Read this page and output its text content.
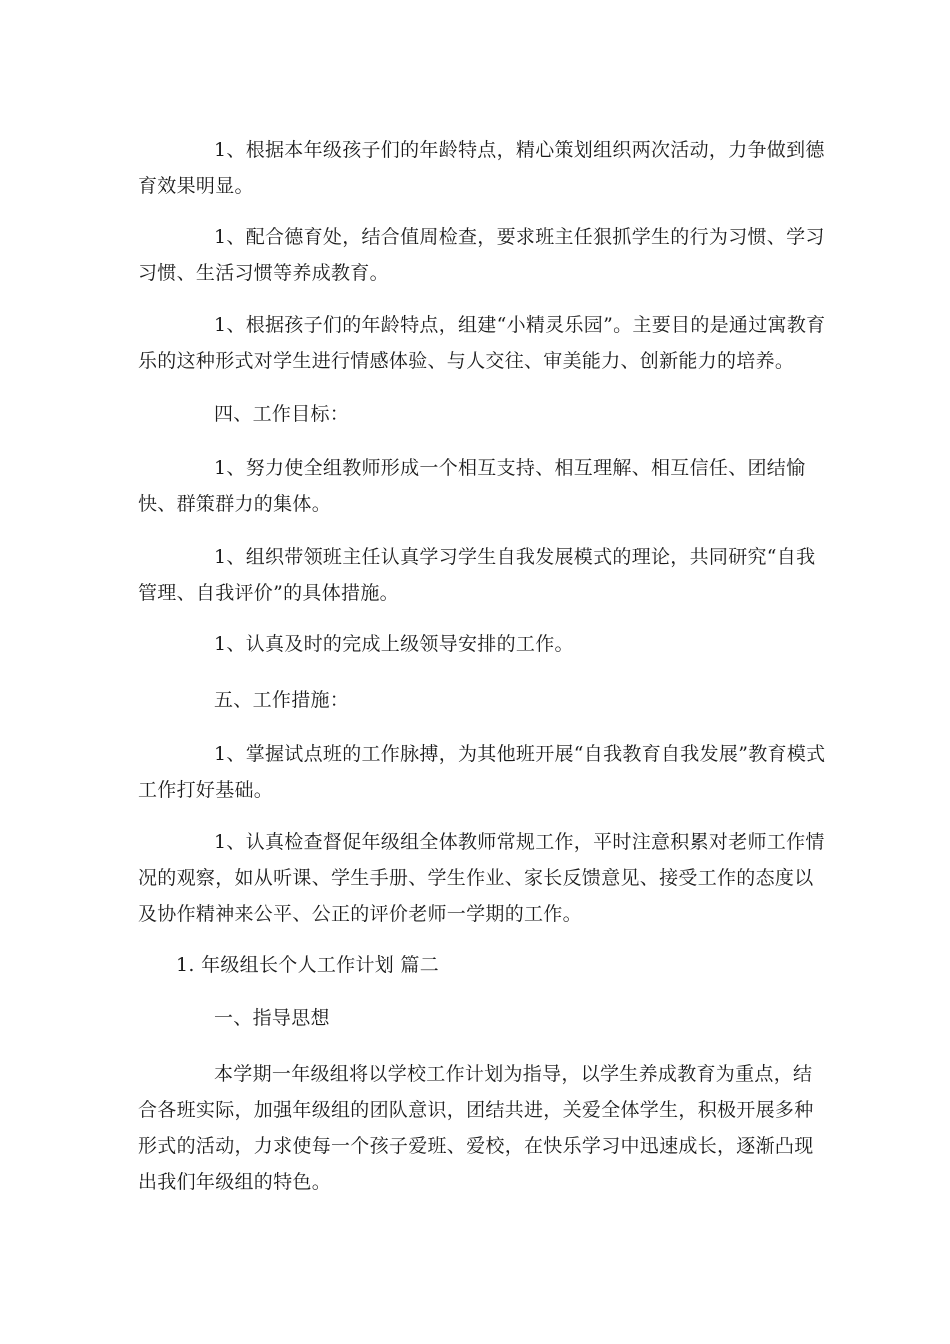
1、根据本年级孩子们的年龄特点，精心策划组织两次活动，力争做到德育效果明显。

1、配合德育处，结合值周检查，要求班主任狠抓学生的行为习惯、学习习惯、生活习惯等养成教育。

1、根据孩子们的年龄特点，组建“小精灵乐园”。主要目的是通过寓教育乐的这种形式对学生进行情感体验、与人交往、审美能力、创新能力的培养。

四、工作目标：

1、努力使全组教师形成一个相互支持、相互理解、相互信任、团结愉快、群策群力的集体。

1、组织带领班主任认真学习学生自我发展模式的理论，共同研究“自我管理、自我评价”的具体措施。

1、认真及时的完成上级领导安排的工作。

五、工作措施：

1、掌握试点班的工作脉搏，为其他班开展“自我教育自我发展”教育模式工作打好基础。

1、认真检查督促年级组全体教师常规工作，平时注意积累对老师工作情况的观察，如从听课、学生手册、学生作业、家长反馈意见、接受工作的态度以及协作精神来公平、公正的评价老师一学期的工作。

1. 年级组长个人工作计划 篇二

一、指导思想

本学期一年级组将以学校工作计划为指导，以学生养成教育为重点，结合各班实际，加强年级组的团队意识，团结共进，关爱全体学生，积极开展多种形式的活动，力求使每一个孩子爱班、爱校，在快乐学习中迅速成长，逐渐凸现出我们年级组的特色。
